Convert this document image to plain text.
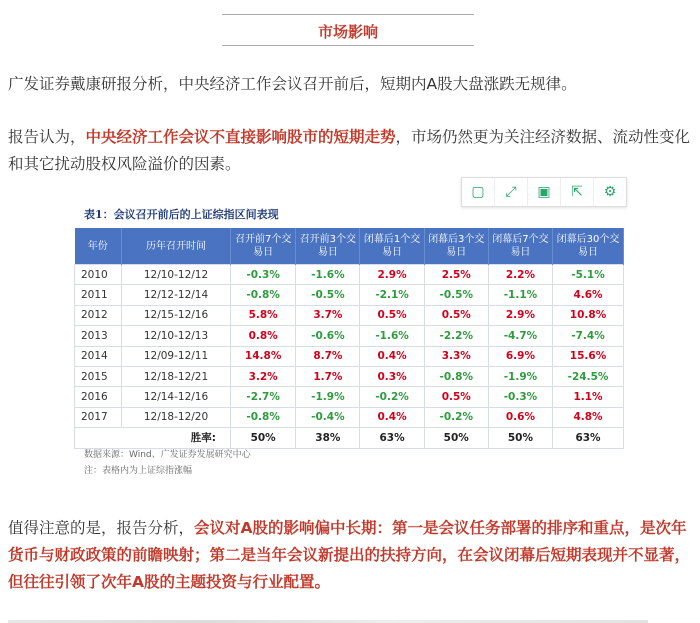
市场影响
广发证券戴康研报分析，中央经济工作会议召开前后，短期内A股大盘涨跌无规律。
报告认为，中央经济工作会议不直接影响股市的短期走势，市场仍然更为关注经济数据、流动性变化和其它扰动股权风险溢价的因素。
▢	⤢	▣	⇱	⚙
表1：会议召开前后的上证综指区间表现
年份	历年召开时间	召开前7个交易日	召开前3个交易日	闭幕后1个交易日	闭幕后3个交易日	闭幕后7个交易日	闭幕后30个交易日
2010	12/10-12/12	-0.3%	-1.6%	2.9%	2.5%	2.2%	-5.1%
2011	12/12-12/14	-0.8%	-0.5%	-2.1%	-0.5%	-1.1%	4.6%
2012	12/15-12/16	5.8%	3.7%	0.5%	0.5%	2.9%	10.8%
2013	12/10-12/13	0.8%	-0.6%	-1.6%	-2.2%	-4.7%	-7.4%
2014	12/09-12/11	14.8%	8.7%	0.4%	3.3%	6.9%	15.6%
2015	12/18-12/21	3.2%	1.7%	0.3%	-0.8%	-1.9%	-24.5%
2016	12/14-12/16	-2.7%	-1.9%	-0.2%	0.5%	-0.3%	1.1%
2017	12/18-12/20	-0.8%	-0.4%	0.4%	-0.2%	0.6%	4.8%
胜率:		50%	38%	63%	50%	50%	63%
数据来源：Wind、广发证券发展研究中心
注：表格内为上证综指涨幅
值得注意的是，报告分析，会议对A股的影响偏中长期：第一是会议任务部署的排序和重点，是次年货币与财政政策的前瞻映射；第二是当年会议新提出的扶持方向，在会议闭幕后短期表现并不显著，但往往引领了次年A股的主题投资与行业配置。
